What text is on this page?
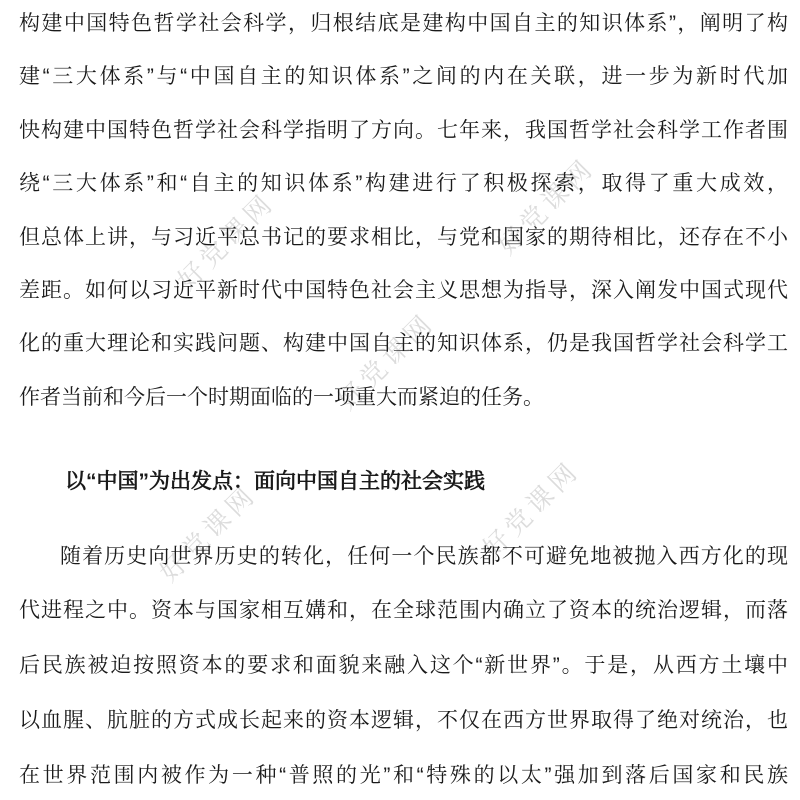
好党课网	好党课网
好党课网
好党课网	好党课网
构建中国特色哲学社会科学，归根结底是建构中国自主的知识体系”，阐明了构
建“三大体系”与“中国自主的知识体系”之间的内在关联，进一步为新时代加
快构建中国特色哲学社会科学指明了方向。七年来，我国哲学社会科学工作者围
绕“三大体系”和“自主的知识体系”构建进行了积极探索，取得了重大成效，
但总体上讲，与习近平总书记的要求相比，与党和国家的期待相比，还存在不小
差距。如何以习近平新时代中国特色社会主义思想为指导，深入阐发中国式现代
化的重大理论和实践问题、构建中国自主的知识体系，仍是我国哲学社会科学工
作者当前和今后一个时期面临的一项重大而紧迫的任务。
以“中国”为出发点：面向中国自主的社会实践
随着历史向世界历史的转化，任何一个民族都不可避免地被抛入西方化的现
代进程之中。资本与国家相互媾和，在全球范围内确立了资本的统治逻辑，而落
后民族被迫按照资本的要求和面貌来融入这个“新世界”。于是，从西方土壤中
以血腥、肮脏的方式成长起来的资本逻辑，不仅在西方世界取得了绝对统治，也
在世界范围内被作为一种“普照的光”和“特殊的以太”强加到落后国家和民族
